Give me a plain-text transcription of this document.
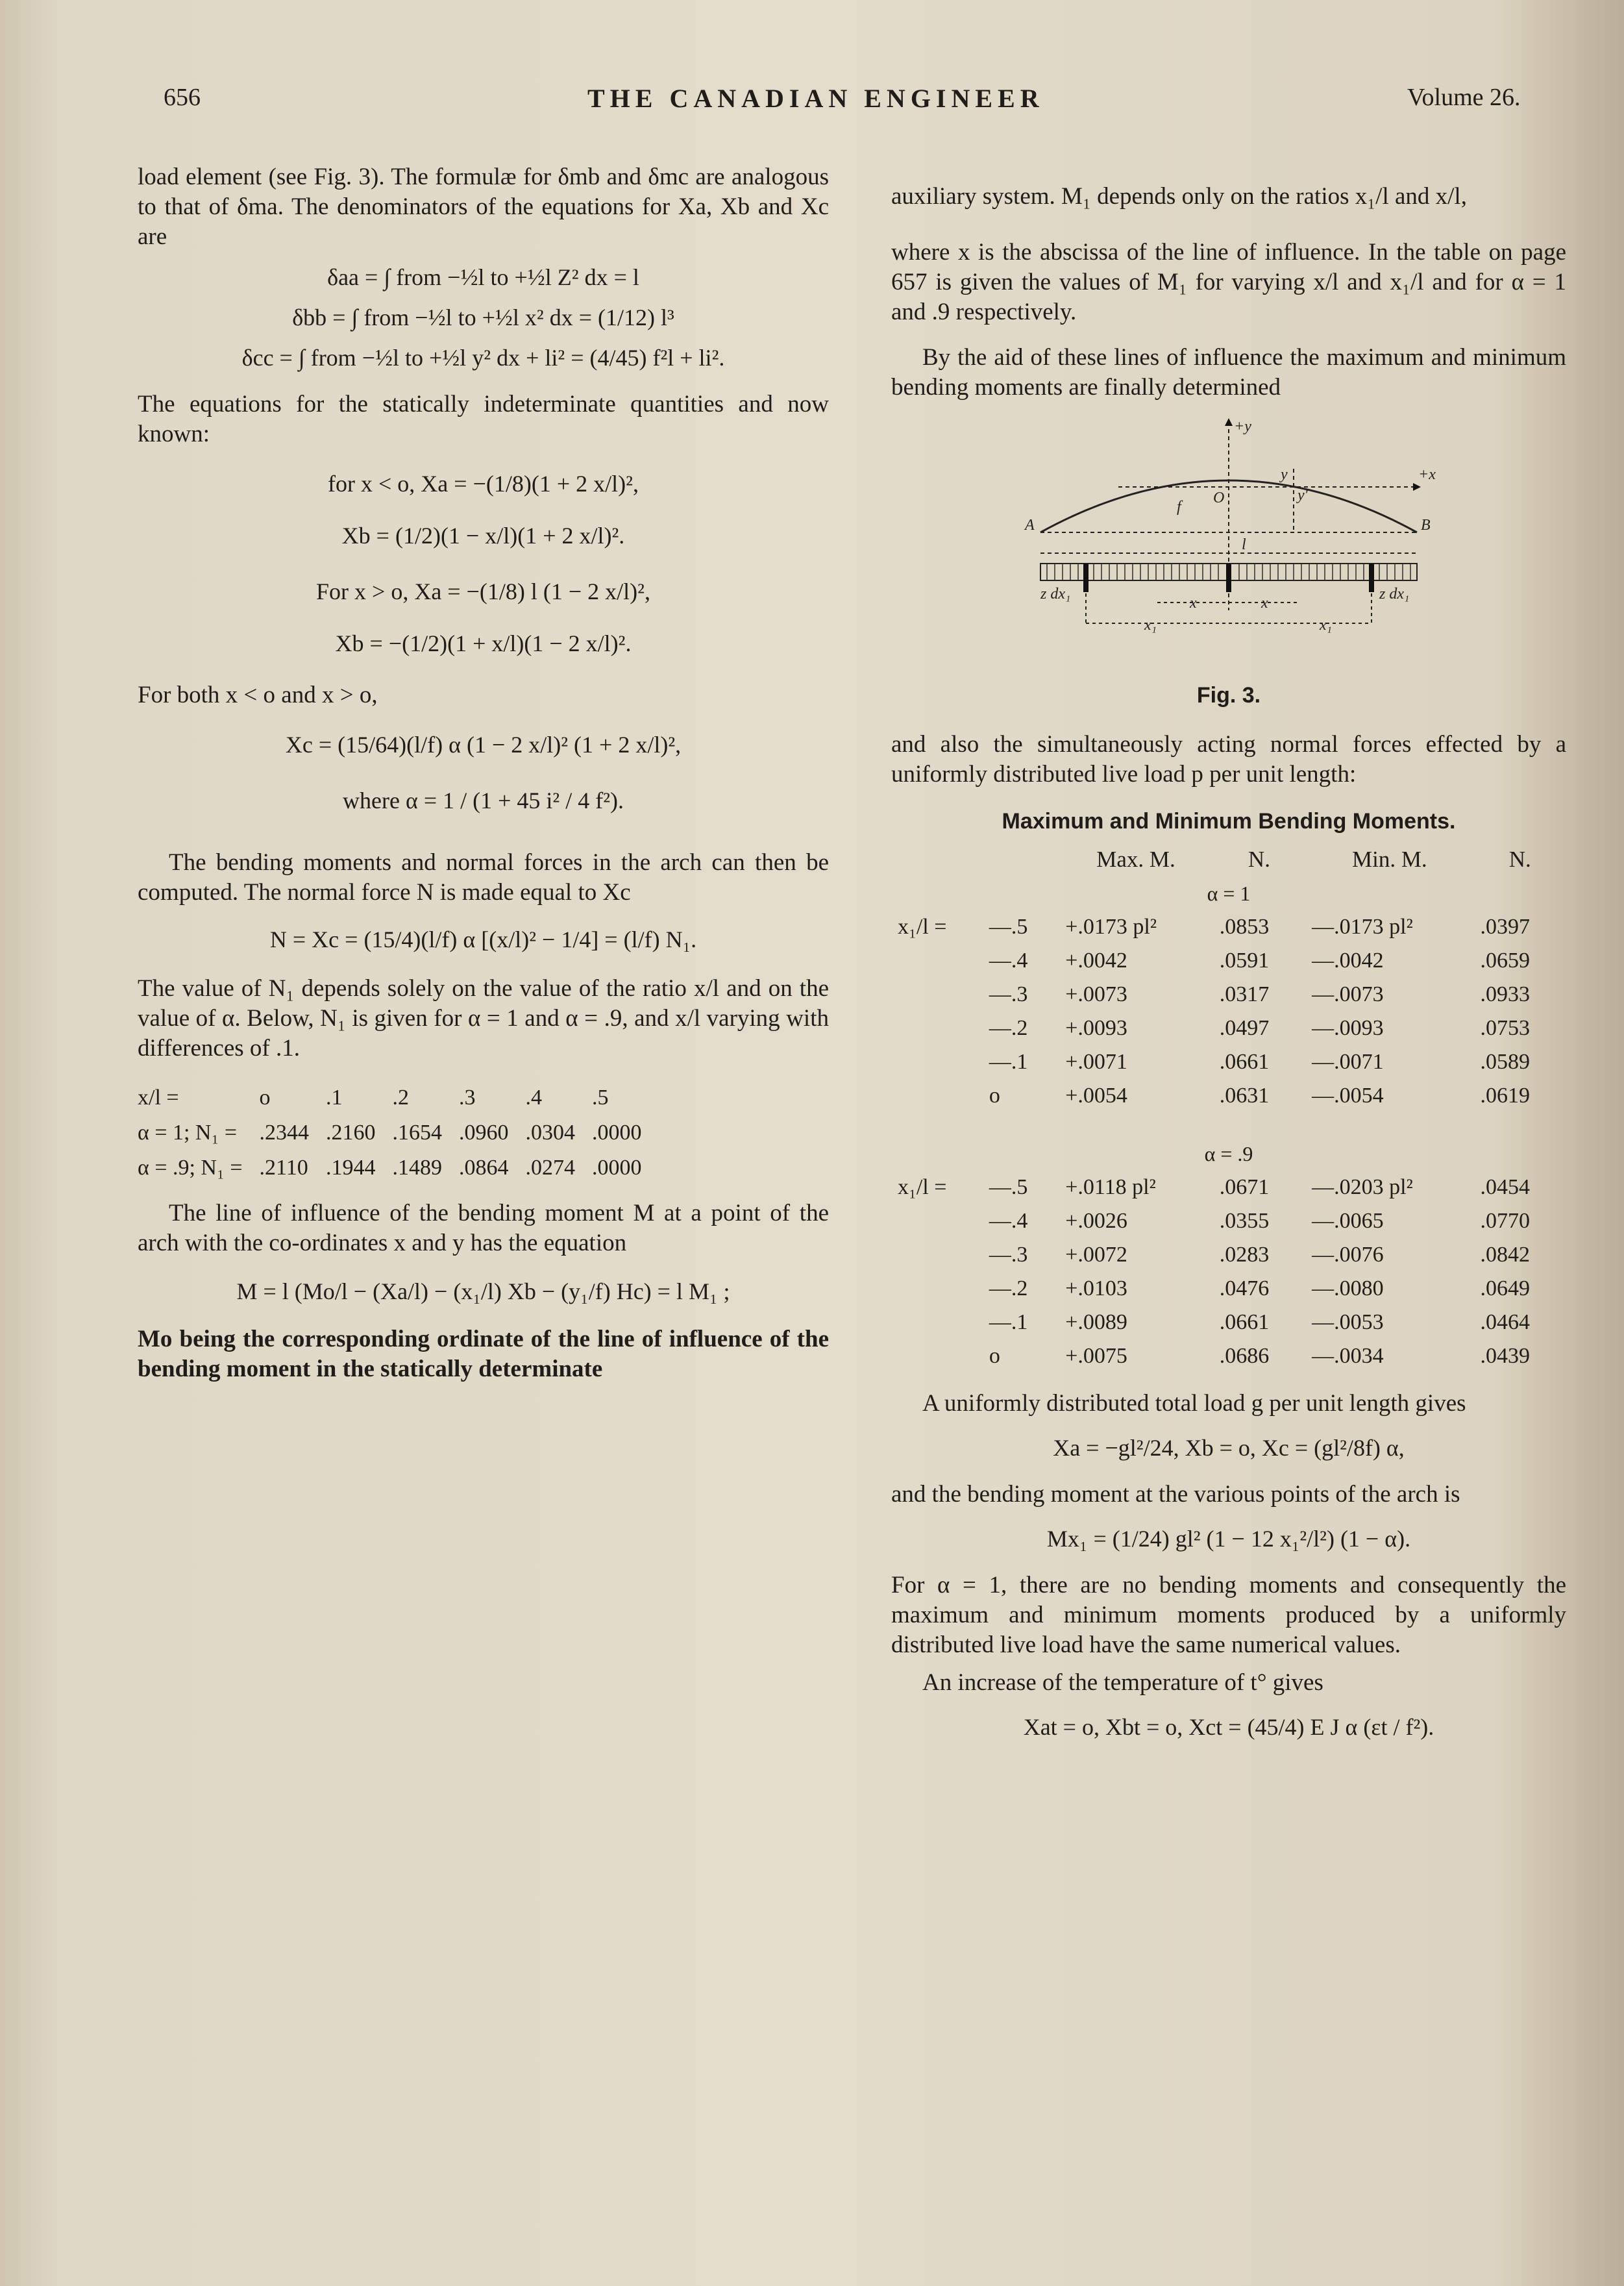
656	THE CANADIAN ENGINEER	Volume 26.

load element (see Fig. 3). The formulæ for δmb and δmc are analogous to that of δma. The denominators of the equations for Xa, Xb and Xc are

δaa = ∫ from −½l to +½l Z² dx = l
δbb = ∫ from −½l to +½l x² dx = (1/12) l³
δcc = ∫ from −½l to +½l y² dx + li² = (4/45) f²l + li².

The equations for the statically indeterminate quantities and now known:

for x < o, Xa = −(1/8)(1 + 2 x/l)²,
Xb = (1/2)(1 − x/l)(1 + 2 x/l)².
For x > o, Xa = −(1/8) l (1 − 2 x/l)²,
Xb = −(1/2)(1 + x/l)(1 − 2 x/l)².

For both x < o and x > o,

Xc = (15/64)(l/f) α (1 − 2 x/l)² (1 + 2 x/l)²,
where α = 1 / (1 + 45 i² / 4 f²).

The bending moments and normal forces in the arch can then be computed. The normal force N is made equal to Xc

N = Xc = (15/4)(l/f) α [(x/l)² − 1/4] = (l/f) N₁.

The value of N₁ depends solely on the value of the ratio x/l and on the value of α. Below, N₁ is given for α = 1 and α = .9, and x/l varying with differences of .1.

x/l =	o	.1	.2	.3	.4	.5
α = 1; N₁ =	.2344	.2160	.1654	.0960	.0304	.0000
α = .9; N₁ =	.2110	.1944	.1489	.0864	.0274	.0000

The line of influence of the bending moment M at a point of the arch with the co-ordinates x and y has the equation

M = l (Mo/l − (Xa/l) − (x₁/l) Xb − (y₁/f) Hc) = l M₁ ;

Mo being the corresponding ordinate of the line of influence of the bending moment in the statically determinate

auxiliary system. M₁ depends only on the ratios x₁/l and x/l,

where x is the abscissa of the line of influence. In the table on page 657 is given the values of M₁ for varying x/l and x₁/l and for α = 1 and .9 respectively.

By the aid of these lines of influence the maximum and minimum bending moments are finally determined

+y
+x
A	B
f
O
y
y′
l
z dx₁	z dx₁
x	x
x₁	x₁
Fig. 3.

and also the simultaneously acting normal forces effected by a uniformly distributed live load p per unit length:

Maximum and Minimum Bending Moments.
		Max. M.	N.	Min. M.	N.
α = 1					
x₁/l =	—.5	+.0173 pl²	.0853	—.0173 pl²	.0397
	—.4	+.0042	.0591	—.0042	.0659
	—.3	+.0073	.0317	—.0073	.0933
	—.2	+.0093	.0497	—.0093	.0753
	—.1	+.0071	.0661	—.0071	.0589
	o	+.0054	.0631	—.0054	.0619
α = .9					
x₁/l =	—.5	+.0118 pl²	.0671	—.0203 pl²	.0454
	—.4	+.0026	.0355	—.0065	.0770
	—.3	+.0072	.0283	—.0076	.0842
	—.2	+.0103	.0476	—.0080	.0649
	—.1	+.0089	.0661	—.0053	.0464
	o	+.0075	.0686	—.0034	.0439

A uniformly distributed total load g per unit length gives

Xa = −gl²/24, Xb = o, Xc = (gl²/8f) α,

and the bending moment at the various points of the arch is

Mx₁ = (1/24) gl² (1 − 12 x₁²/l²) (1 − α).

For α = 1, there are no bending moments and consequently the maximum and minimum moments produced by a uniformly distributed live load have the same numerical values.

An increase of the temperature of t° gives

Xat = o, Xbt = o, Xct = (45/4) E J α (εt / f²).
